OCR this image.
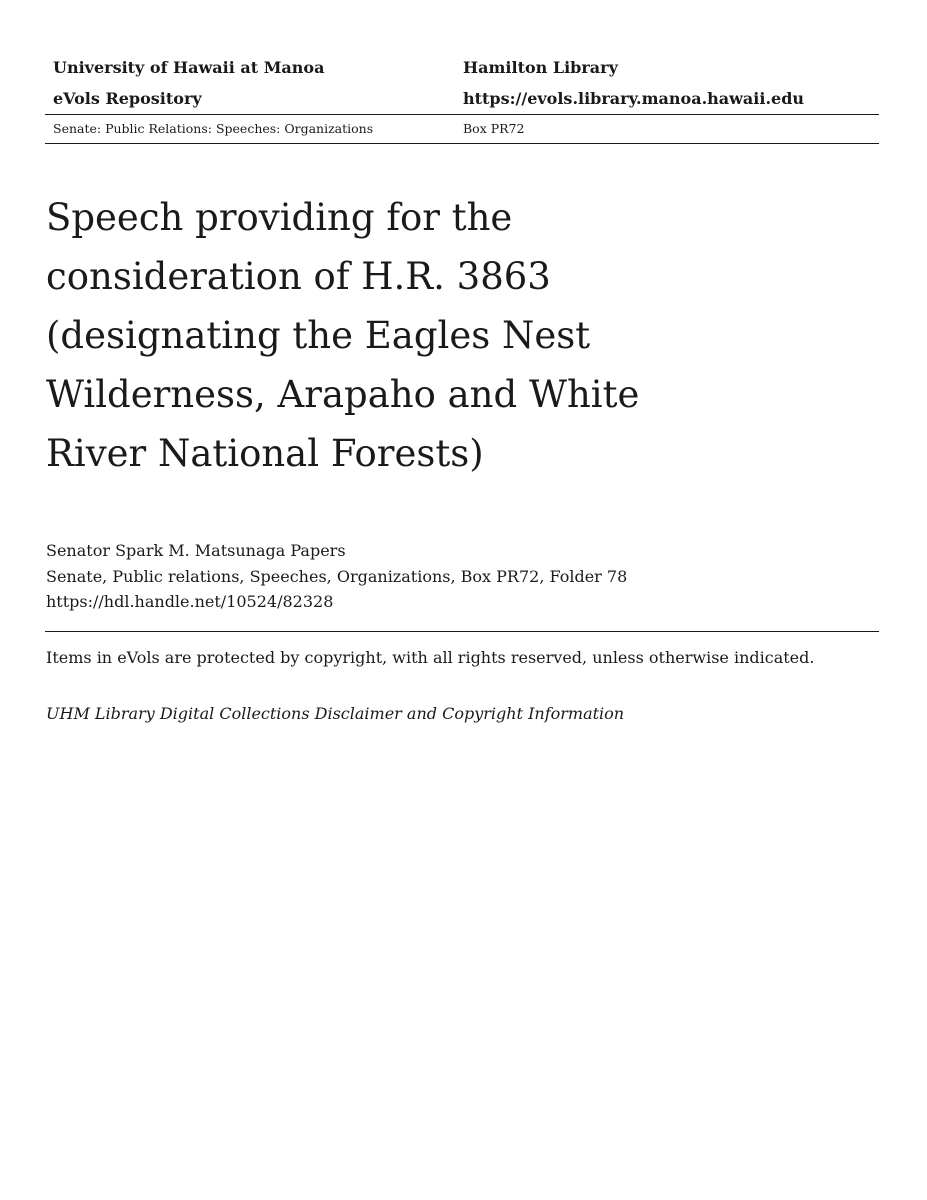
University of Hawaii at Manoa	Hamilton Library
eVols Repository	https://evols.library.manoa.hawaii.edu
Senate: Public Relations: Speeches: Organizations	Box PR72
Speech providing for the consideration of H.R. 3863 (designating the Eagles Nest Wilderness, Arapaho and White River National Forests)
Senator Spark M. Matsunaga Papers
Senate, Public relations, Speeches, Organizations, Box PR72, Folder 78
https://hdl.handle.net/10524/82328
Items in eVols are protected by copyright, with all rights reserved, unless otherwise indicated.
UHM Library Digital Collections Disclaimer and Copyright Information
